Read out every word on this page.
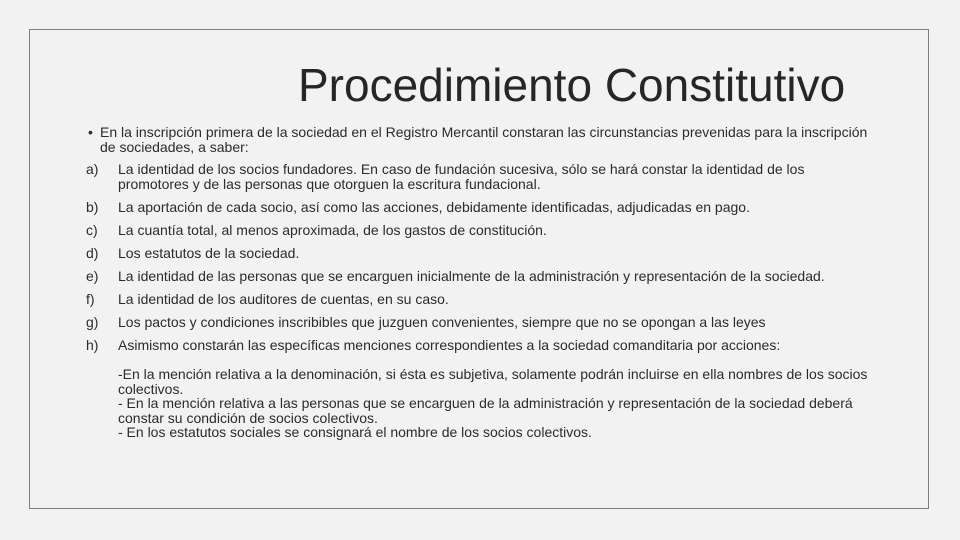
Procedimiento Constitutivo
• En la inscripción primera de la sociedad en el Registro Mercantil constaran las circunstancias prevenidas para la inscripción de sociedades, a saber:
a)	La identidad de los socios fundadores. En caso de fundación sucesiva, sólo se hará constar la identidad de los promotores y de las personas que otorguen la escritura fundacional.
b)	La aportación de cada socio, así como las acciones, debidamente identificadas, adjudicadas en pago.
c)	La cuantía total, al menos aproximada, de los gastos de constitución.
d)	Los estatutos de la sociedad.
e)	La identidad de las personas que se encarguen inicialmente de la administración y representación de la sociedad.
f)	La identidad de los auditores de cuentas, en su caso.
g)	Los pactos y condiciones inscribibles que juzguen convenientes, siempre que no se opongan a las leyes
h)	Asimismo constarán las específicas menciones correspondientes a la sociedad comanditaria por acciones:
-En la mención relativa a la denominación, si ésta es subjetiva, solamente podrán incluirse en ella nombres de los socios colectivos.
- En la mención relativa a las personas que se encarguen de la administración y representación de la sociedad deberá constar su condición de socios colectivos.
- En los estatutos sociales se consignará el nombre de los socios colectivos.
